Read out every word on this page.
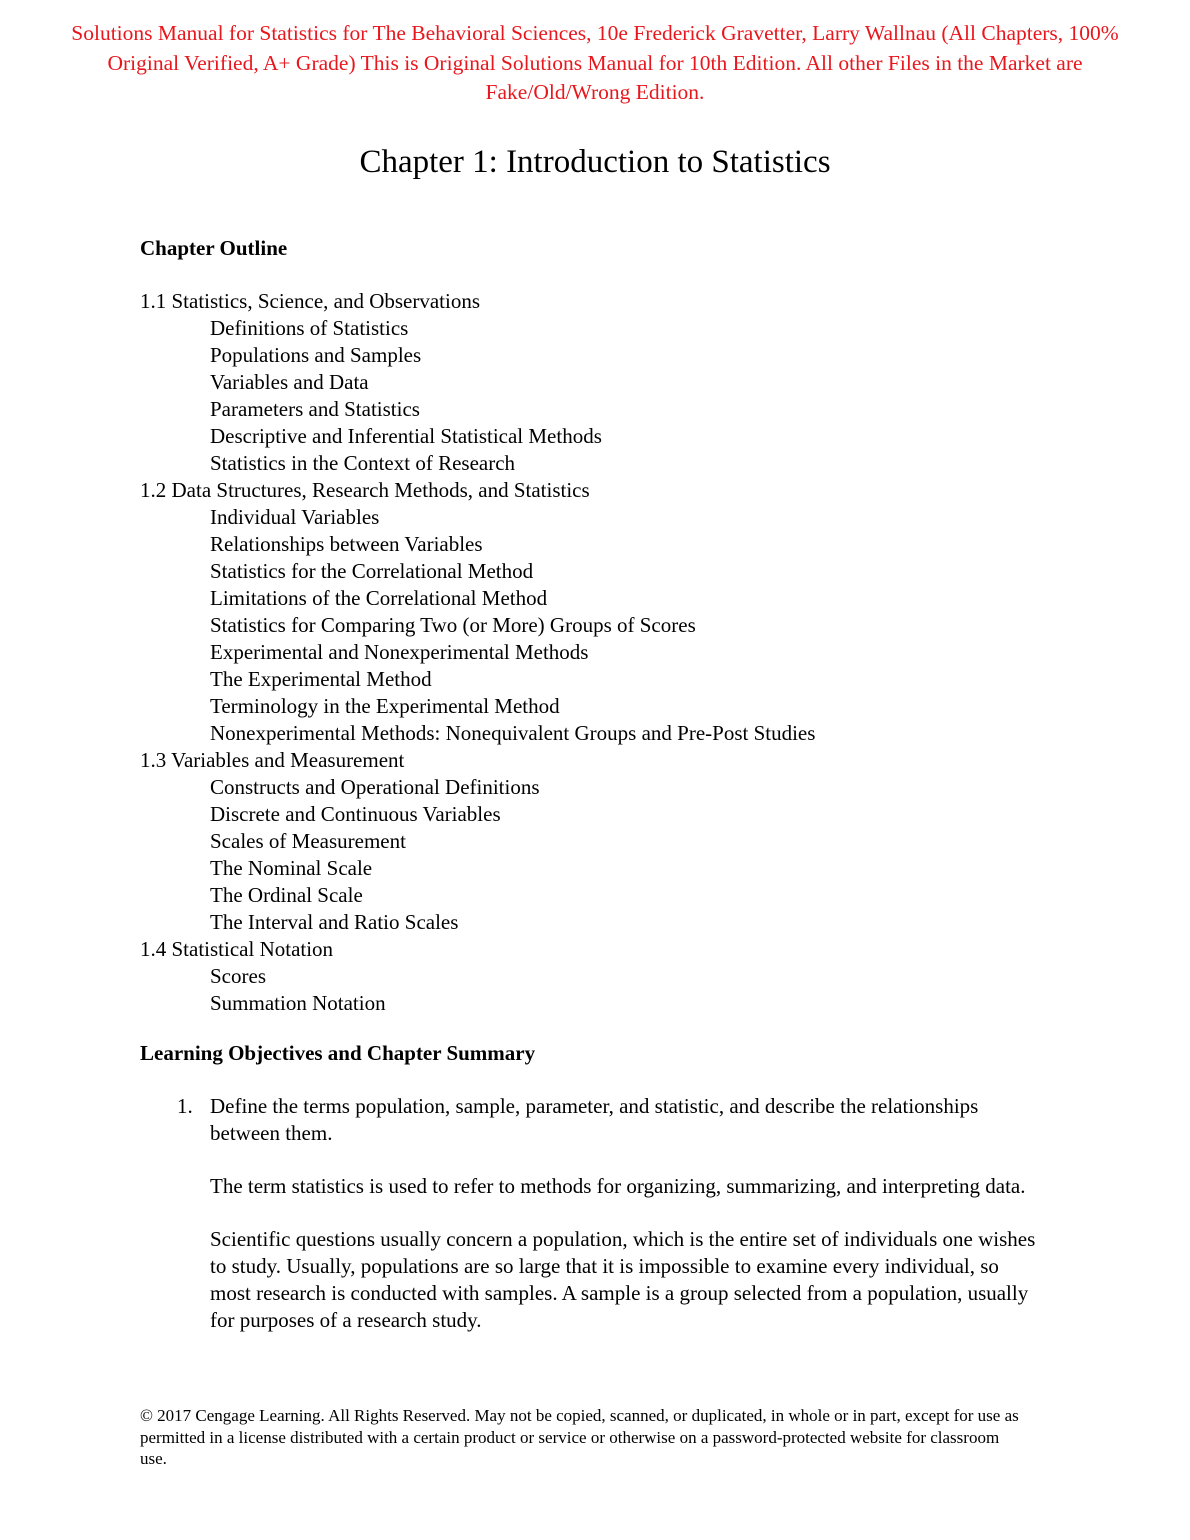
Solutions Manual for Statistics for The Behavioral Sciences, 10e Frederick Gravetter, Larry Wallnau (All Chapters, 100% Original Verified, A+ Grade) This is Original Solutions Manual for 10th Edition. All other Files in the Market are Fake/Old/Wrong Edition.
Chapter 1: Introduction to Statistics
Chapter Outline
1.1 Statistics, Science, and Observations
Definitions of Statistics
Populations and Samples
Variables and Data
Parameters and Statistics
Descriptive and Inferential Statistical Methods
Statistics in the Context of Research
1.2 Data Structures, Research Methods, and Statistics
Individual Variables
Relationships between Variables
Statistics for the Correlational Method
Limitations of the Correlational Method
Statistics for Comparing Two (or More) Groups of Scores
Experimental and Nonexperimental Methods
The Experimental Method
Terminology in the Experimental Method
Nonexperimental Methods: Nonequivalent Groups and Pre-Post Studies
1.3 Variables and Measurement
Constructs and Operational Definitions
Discrete and Continuous Variables
Scales of Measurement
The Nominal Scale
The Ordinal Scale
The Interval and Ratio Scales
1.4 Statistical Notation
Scores
Summation Notation
Learning Objectives and Chapter Summary
1. Define the terms population, sample, parameter, and statistic, and describe the relationships between them.

The term statistics is used to refer to methods for organizing, summarizing, and interpreting data.

Scientific questions usually concern a population, which is the entire set of individuals one wishes to study. Usually, populations are so large that it is impossible to examine every individual, so most research is conducted with samples. A sample is a group selected from a population, usually for purposes of a research study.

© 2017 Cengage Learning. All Rights Reserved. May not be copied, scanned, or duplicated, in whole or in part, except for use as permitted in a license distributed with a certain product or service or otherwise on a password-protected website for classroom use.
